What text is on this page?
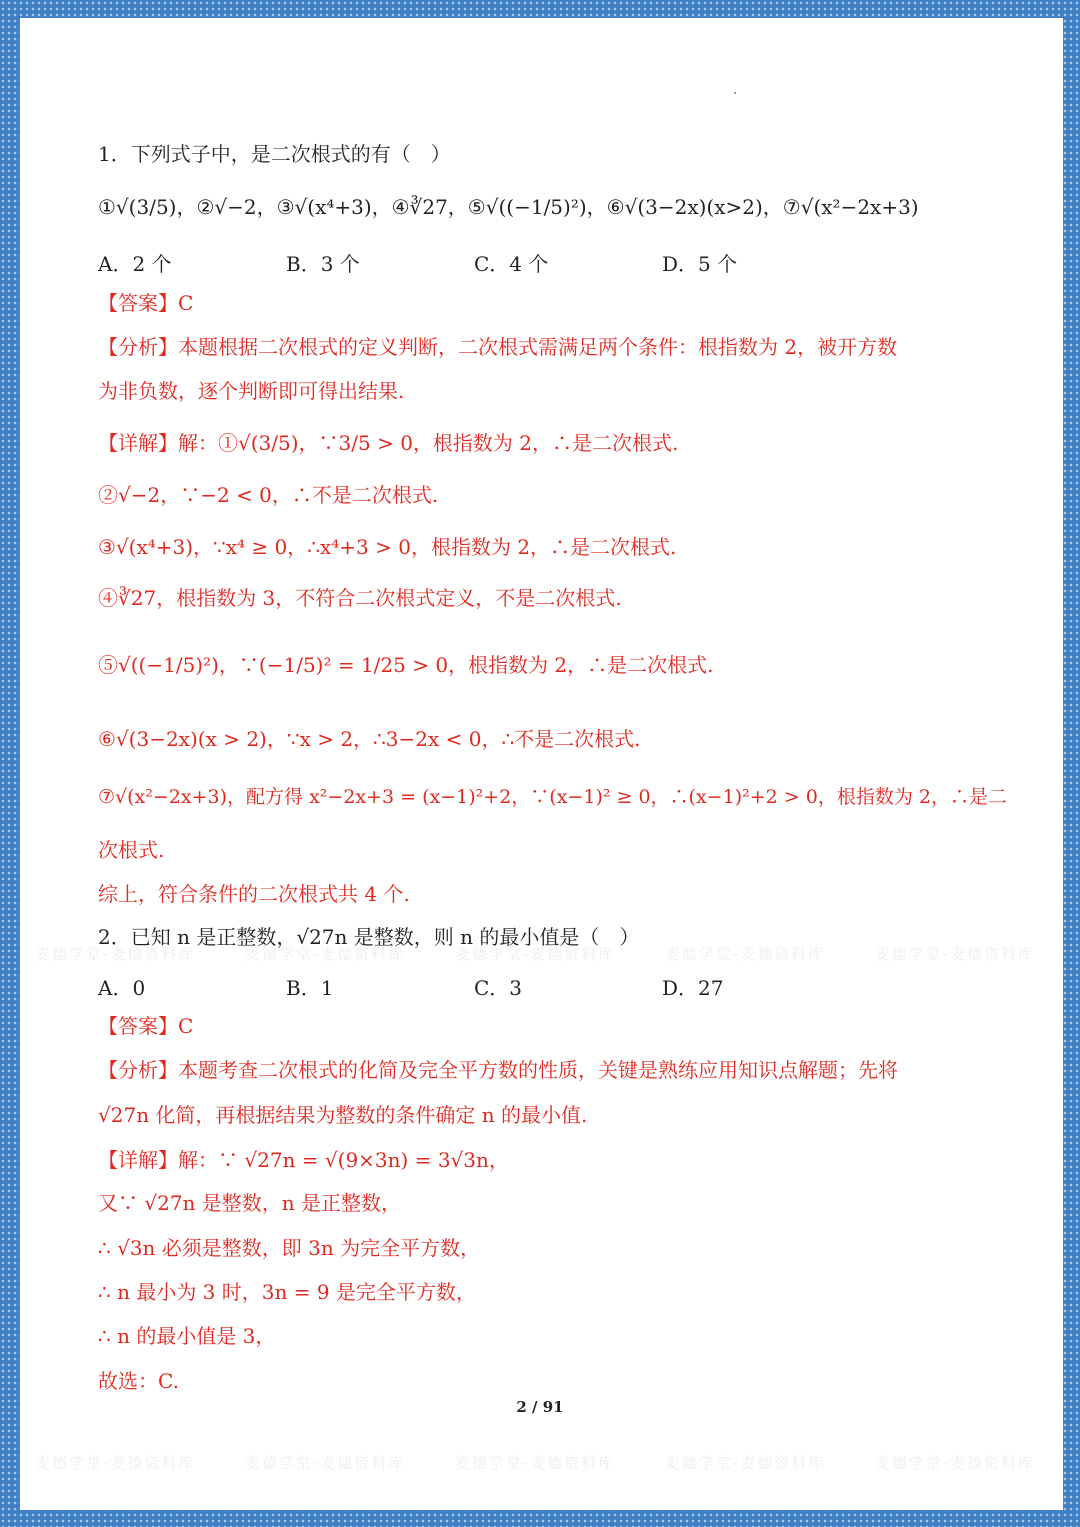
麦德学堂-麦德资料库	麦德学堂-麦德资料库	麦德学堂-麦德资料库	麦德学堂-麦德资料库	麦德学堂-麦德资料库
麦德学堂-麦德资料库	麦德学堂-麦德资料库	麦德学堂-麦德资料库	麦德学堂-麦德资料库	麦德学堂-麦德资料库
1．下列式子中，是二次根式的有（　）
①√(3/5)，②√−2，③√(x⁴+3)，④∛27，⑤√((−1/5)²)，⑥√(3−2x)(x>2)，⑦√(x²−2x+3)
A．2 个	B．3 个	C．4 个	D．5 个
【答案】C
【分析】本题根据二次根式的定义判断，二次根式需满足两个条件：根指数为 2，被开方数
为非负数，逐个判断即可得出结果.
【详解】解：①√(3/5)，∵3/5 > 0，根指数为 2，∴是二次根式.
②√−2，∵−2 < 0，∴不是二次根式.
③√(x⁴+3)，∵x⁴ ≥ 0，∴x⁴+3 > 0，根指数为 2，∴是二次根式.
④∛27，根指数为 3，不符合二次根式定义，不是二次根式.
⑤√((−1/5)²)，∵(−1/5)² = 1/25 > 0，根指数为 2，∴是二次根式.
⑥√(3−2x)(x > 2)，∵x > 2，∴3−2x < 0，∴不是二次根式.
⑦√(x²−2x+3)，配方得 x²−2x+3 = (x−1)²+2，∵(x−1)² ≥ 0，∴(x−1)²+2 > 0，根指数为 2，∴是二
次根式.
综上，符合条件的二次根式共 4 个.
2．已知 n 是正整数，√27n 是整数，则 n 的最小值是（　）
A．0	B．1	C．3	D．27
【答案】C
【分析】本题考查二次根式的化简及完全平方数的性质，关键是熟练应用知识点解题；先将
√27n 化简，再根据结果为整数的条件确定 n 的最小值.
【详解】解：∵ √27n = √(9×3n) = 3√3n，
又∵ √27n 是整数，n 是正整数，
∴ √3n 必须是整数，即 3n 为完全平方数，
∴ n 最小为 3 时，3n = 9 是完全平方数，
∴ n 的最小值是 3，
故选：C.
2 / 91
